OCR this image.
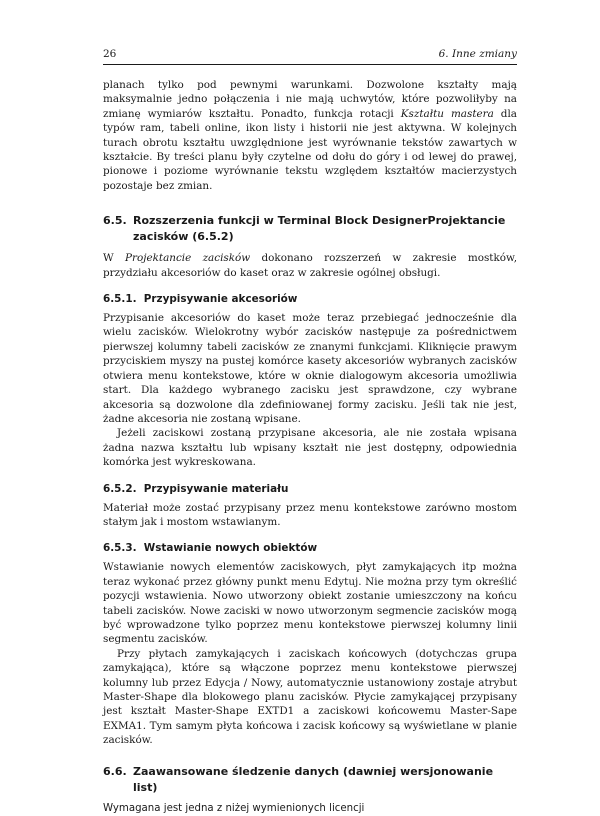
26	6. Inne zmiany

planach tylko pod pewnymi warunkami. Dozwolone kształty mają maksymalnie jedno połączenia i nie mają uchwytów, które pozwoliłyby na zmianę wymiarów kształtu. Ponadto, funkcja rotacji Kształtu mastera dla typów ram, tabeli online, ikon listy i historii nie jest aktywna. W kolejnych turach obrotu kształtu uwzględnione jest wyrównanie tekstów zawartych w kształcie. By treści planu były czytelne od dołu do góry i od lewej do prawej, pionowe i poziome wyrównanie tekstu względem kształtów macierzystych pozostaje bez zmian.

6.5. Rozszerzenia funkcji w Terminal Block DesignerProjektancie zacisków (6.5.2)

W Projektancie zacisków dokonano rozszerzeń w zakresie mostków, przydziału akcesoriów do kaset oraz w zakresie ogólnej obsługi.

6.5.1. Przypisywanie akcesoriów

Przypisanie akcesoriów do kaset może teraz przebiegać jednocześnie dla wielu zacisków. Wielokrotny wybór zacisków następuje za pośrednictwem pierwszej kolumny tabeli zacisków ze znanymi funkcjami. Kliknięcie prawym przyciskiem myszy na pustej komórce kasety akcesoriów wybranych zacisków otwiera menu kontekstowe, które w oknie dialogowym akcesoria umożliwia start. Dla każdego wybranego zacisku jest sprawdzone, czy wybrane akcesoria są dozwolone dla zdefiniowanej formy zacisku. Jeśli tak nie jest, żadne akcesoria nie zostaną wpisane.

Jeżeli zaciskowi zostaną przypisane akcesoria, ale nie została wpisana żadna nazwa kształtu lub wpisany kształt nie jest dostępny, odpowiednia komórka jest wykreskowana.

6.5.2. Przypisywanie materiału

Materiał może zostać przypisany przez menu kontekstowe zarówno mostom stałym jak i mostom wstawianym.

6.5.3. Wstawianie nowych obiektów

Wstawianie nowych elementów zaciskowych, płyt zamykających itp można teraz wykonać przez główny punkt menu Edytuj. Nie można przy tym określić pozycji wstawienia. Nowo utworzony obiekt zostanie umieszczony na końcu tabeli zacisków. Nowe zaciski w nowo utworzonym segmencie zacisków mogą być wprowadzone tylko poprzez menu kontekstowe pierwszej kolumny linii segmentu zacisków.

Przy płytach zamykających i zaciskach końcowych (dotychczas grupa zamykająca), które są włączone poprzez menu kontekstowe pierwszej kolumny lub przez Edycja / Nowy, automatycznie ustanowiony zostaje atrybut Master-Shape dla blokowego planu zacisków. Płycie zamykającej przypisany jest kształt Master-Shape EXTD1 a zaciskowi końcowemu Master-Sape EXMA1. Tym samym płyta końcowa i zacisk końcowy są wyświetlane w planie zacisków.

6.6. Zaawansowane śledzenie danych (dawniej wersjonowanie list)

Wymagana jest jedna z niżej wymienionych licencji
